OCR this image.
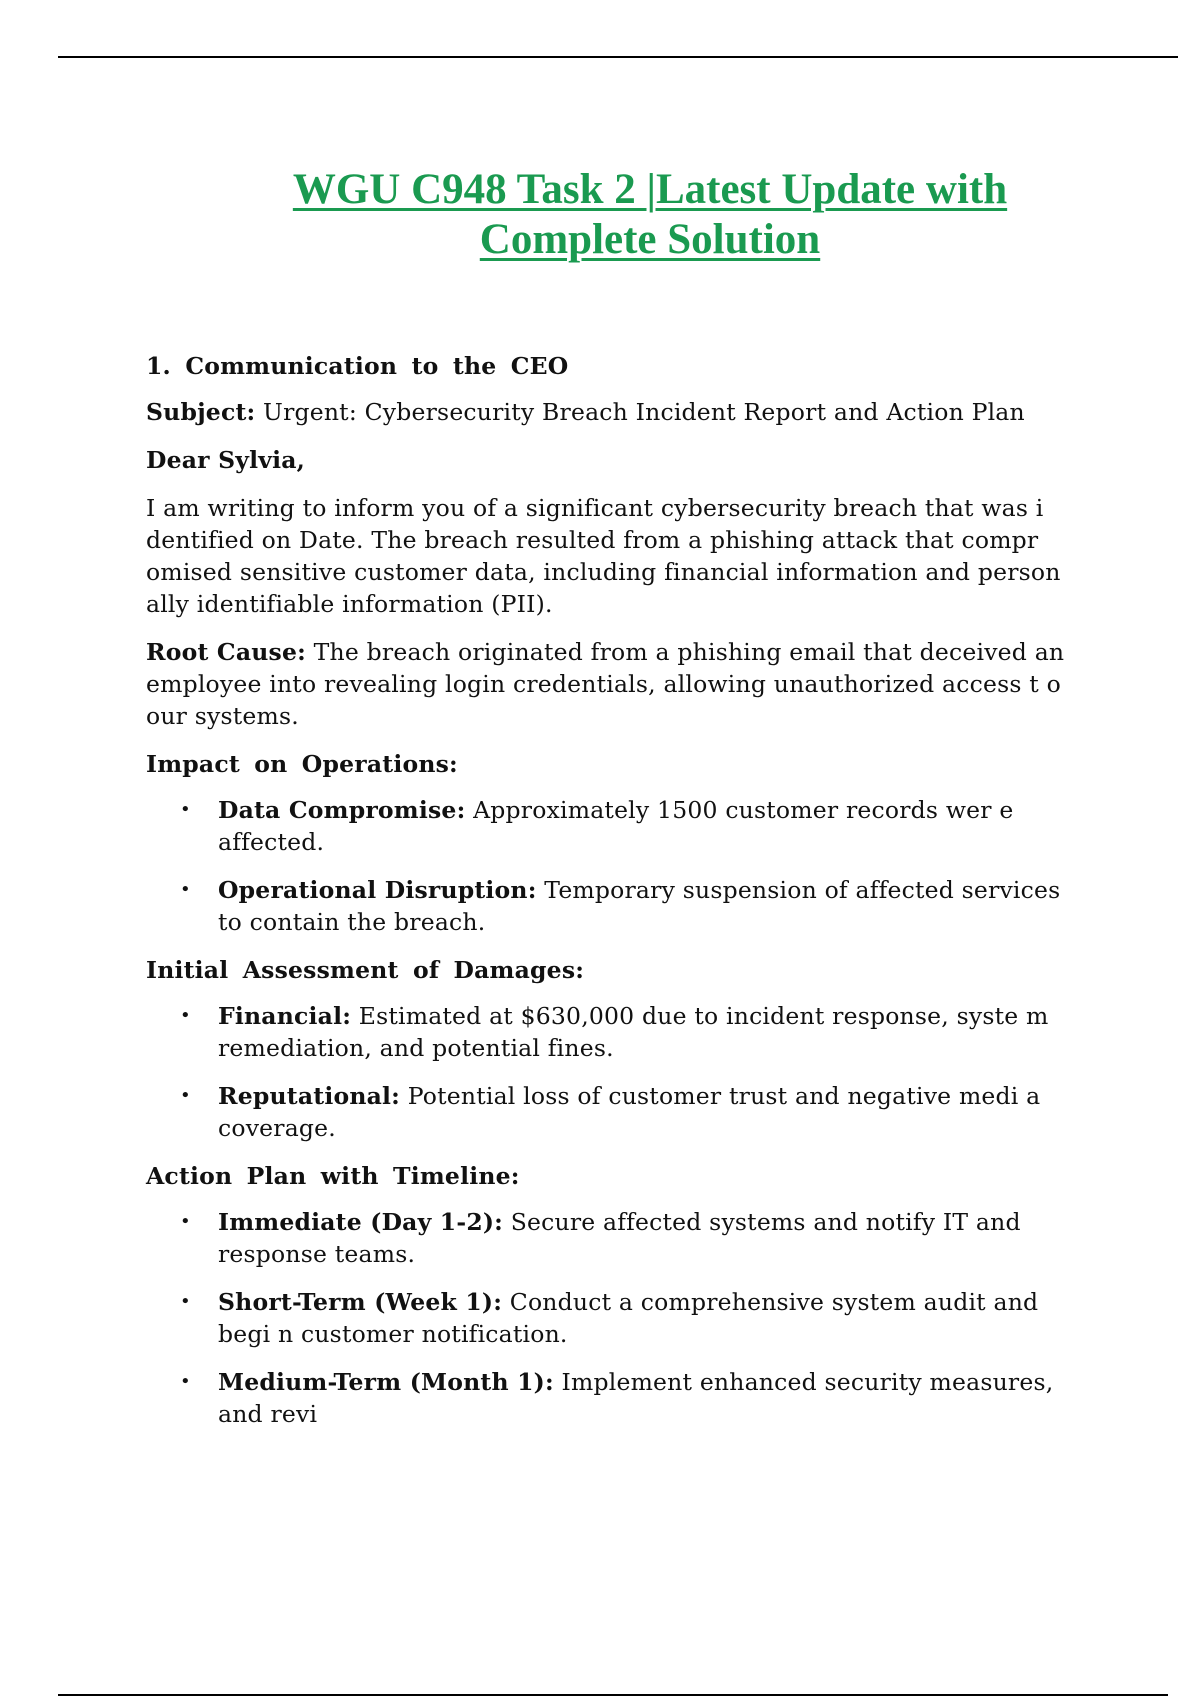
WGU C948 Task 2 |Latest Update with
Complete Solution

1. Communication to the CEO

Subject: Urgent: Cybersecurity Breach Incident Report and Action Plan

Dear Sylvia,

I am writing to inform you of a significant cybersecurity breach that was i dentified on Date. The breach resulted from a phishing attack that compr omised sensitive customer data, including financial information and person ally identifiable information (PII).

Root Cause: The breach originated from a phishing email that deceived an employee into revealing login credentials, allowing unauthorized access t o our systems.

Impact on Operations:

• Data Compromise: Approximately 1500 customer records wer e affected.
• Operational Disruption: Temporary suspension of affected services to contain the breach.

Initial Assessment of Damages:

• Financial: Estimated at $630,000 due to incident response, syste m remediation, and potential fines.
• Reputational: Potential loss of customer trust and negative medi a coverage.

Action Plan with Timeline:

• Immediate (Day 1-2): Secure affected systems and notify IT and response teams.
• Short-Term (Week 1): Conduct a comprehensive system audit and begi n customer notification.
• Medium-Term (Month 1): Implement enhanced security measures, and revi
